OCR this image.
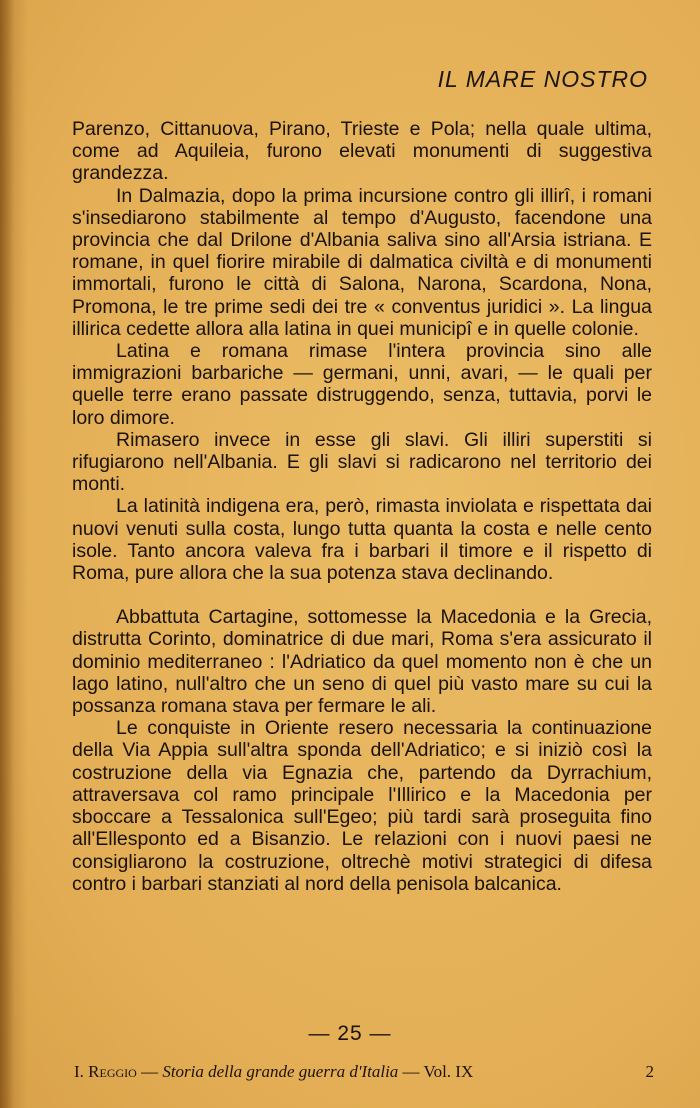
IL MARE NOSTRO

Parenzo, Cittanuova, Pirano, Trieste e Pola; nella quale ultima, come ad Aquileia, furono elevati monumenti di suggestiva grandezza.

In Dalmazia, dopo la prima incursione contro gli illirî, i romani s'insediarono stabilmente al tempo d'Augusto, facendone una provincia che dal Drilone d'Albania saliva sino all'Arsia istriana. E romane, in quel fiorire mirabile di dalmatica civiltà e di monumenti immortali, furono le città di Salona, Narona, Scardona, Nona, Promona, le tre prime sedi dei tre « conventus juridici ». La lingua illirica cedette allora alla latina in quei municipî e in quelle colonie.

Latina e romana rimase l'intera provincia sino alle immigrazioni barbariche — germani, unni, avari, — le quali per quelle terre erano passate distruggendo, senza, tuttavia, porvi le loro dimore.

Rimasero invece in esse gli slavi. Gli illiri superstiti si rifugiarono nell'Albania. E gli slavi si radicarono nel territorio dei monti.

La latinità indigena era, però, rimasta inviolata e rispettata dai nuovi venuti sulla costa, lungo tutta quanta la costa e nelle cento isole. Tanto ancora valeva fra i barbari il timore e il rispetto di Roma, pure allora che la sua potenza stava declinando.

Abbattuta Cartagine, sottomesse la Macedonia e la Grecia, distrutta Corinto, dominatrice di due mari, Roma s'era assicurato il dominio mediterraneo : l'Adriatico da quel momento non è che un lago latino, null'altro che un seno di quel più vasto mare su cui la possanza romana stava per fermare le ali.

Le conquiste in Oriente resero necessaria la continuazione della Via Appia sull'altra sponda dell'Adriatico; e si iniziò così la costruzione della via Egnazia che, partendo da Dyrrachium, attraversava col ramo principale l'Illirico e la Macedonia per sboccare a Tessalonica sull'Egeo; più tardi sarà proseguita fino all'Ellesponto ed a Bisanzio. Le relazioni con i nuovi paesi ne consigliarono la costruzione, oltrechè motivi strategici di difesa contro i barbari stanziati al nord della penisola balcanica.

— 25 —
I. Reggio — Storia della grande guerra d'Italia — Vol. IX	2
